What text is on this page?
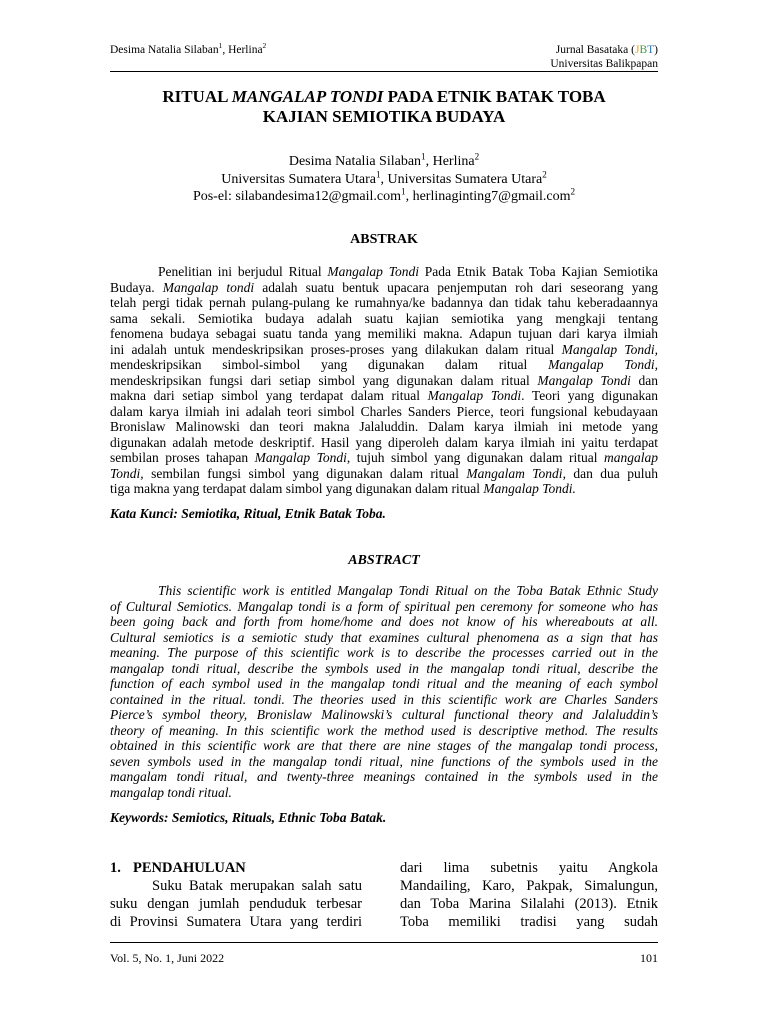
Desima Natalia Silaban$^1$, Herlina$^2$	Jurnal Basataka (JBT)
Universitas Balikpapan
RITUAL MANGALAP TONDI PADA ETNIK BATAK TOBA
KAJIAN SEMIOTIKA BUDAYA
Desima Natalia Silaban$^1$, Herlina$^2$
Universitas Sumatera Utara$^1$, Universitas Sumatera Utara$^2$
Pos-el: silabandesima12@gmail.com$^1$, herlinaginting7@gmail.com$^2$
ABSTRAK
Penelitian ini berjudul Ritual Mangalap Tondi Pada Etnik Batak Toba Kajian Semiotika
Budaya. Mangalap tondi adalah suatu bentuk upacara penjemputan roh dari seseorang yang
telah pergi tidak pernah pulang-pulang ke rumahnya/ke badannya dan tidak tahu keberadaannya
sama sekali. Semiotika budaya adalah suatu kajian semiotika yang mengkaji tentang
fenomena budaya sebagai suatu tanda yang memiliki makna. Adapun tujuan dari karya ilmiah
ini adalah untuk mendeskripsikan proses-proses yang dilakukan dalam ritual Mangalap Tondi,
mendeskripsikan simbol-simbol yang digunakan dalam ritual Mangalap Tondi,
mendeskripsikan fungsi dari setiap simbol yang digunakan dalam ritual Mangalap Tondi dan
makna dari setiap simbol yang terdapat dalam ritual Mangalap Tondi. Teori yang digunakan
dalam karya ilmiah ini adalah teori simbol Charles Sanders Pierce, teori fungsional kebudayaan
Bronislaw Malinowski dan teori makna Jalaluddin. Dalam karya ilmiah ini metode yang
digunakan adalah metode deskriptif. Hasil yang diperoleh dalam karya ilmiah ini yaitu terdapat
sembilan proses tahapan Mangalap Tondi, tujuh simbol yang digunakan dalam ritual mangalap
Tondi, sembilan fungsi simbol yang digunakan dalam ritual Mangalam Tondi, dan dua puluh
tiga makna yang terdapat dalam simbol yang digunakan dalam ritual Mangalap Tondi.
Kata Kunci: Semiotika, Ritual, Etnik Batak Toba.
ABSTRACT
This scientific work is entitled Mangalap Tondi Ritual on the Toba Batak Ethnic Study
of Cultural Semiotics. Mangalap tondi is a form of spiritual pen ceremony for someone who has
been going back and forth from home/home and does not know of his whereabouts at all.
Cultural semiotics is a semiotic study that examines cultural phenomena as a sign that has
meaning. The purpose of this scientific work is to describe the processes carried out in the
mangalap tondi ritual, describe the symbols used in the mangalap tondi ritual, describe the
function of each symbol used in the mangalap tondi ritual and the meaning of each symbol
contained in the ritual. tondi. The theories used in this scientific work are Charles Sanders
Pierce’s symbol theory, Bronislaw Malinowski’s cultural functional theory and Jalaluddin’s
theory of meaning. In this scientific work the method used is descriptive method. The results
obtained in this scientific work are that there are nine stages of the mangalap tondi process,
seven symbols used in the mangalap tondi ritual, nine functions of the symbols used in the
mangalam tondi ritual, and twenty-three meanings contained in the symbols used in the
mangalap tondi ritual.
Keywords: Semiotics, Rituals, Ethnic Toba Batak.
1. PENDAHULUAN
Suku Batak merupakan salah satu
suku dengan jumlah penduduk terbesar
di Provinsi Sumatera Utara yang terdiri
dari lima subetnis yaitu Angkola
Mandailing, Karo, Pakpak, Simalungun,
dan Toba Marina Silalahi (2013). Etnik
Toba memiliki tradisi yang sudah
Vol. 5, No. 1, Juni 2022	101
